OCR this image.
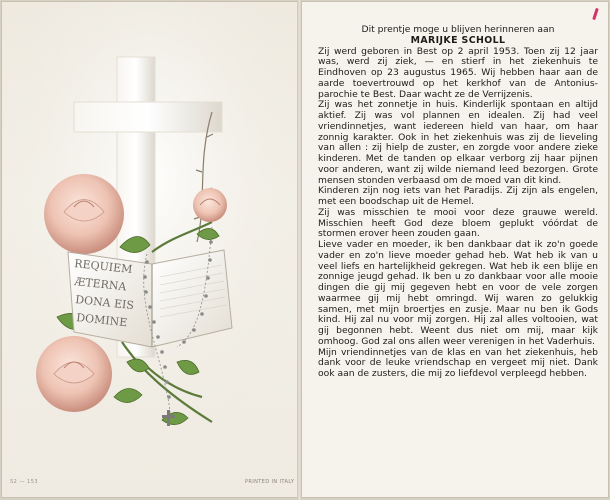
REQUIEM
ÆTERNA
DONA EIS
DOMINE
S2 — 153	PRINTED IN ITALY

Dit prentje moge u blijven herinneren aan

MARIJKE SCHOLL

Zij werd geboren in Best op 2 april 1953. Toen zij 12 jaar was, werd zij ziek, — en stierf in het ziekenhuis te Eindhoven op 23 augustus 1965. Wij hebben haar aan de aarde toevertrouwd op het kerkhof van de Antonius-parochie te Best. Daar wacht ze de Verrijzenis.

Zij was het zonnetje in huis. Kinderlijk spontaan en altijd aktief. Zij was vol plannen en idealen. Zij had veel vriendinnetjes, want iedereen hield van haar, om haar zonnig karakter. Ook in het ziekenhuis was zij de lieveling van allen : zij hielp de zuster, en zorgde voor andere zieke kinderen. Met de tanden op elkaar verborg zij haar pijnen voor anderen, want zij wilde niemand leed bezorgen. Grote mensen stonden verbaasd om de moed van dit kind.

Kinderen zijn nog iets van het Paradijs. Zij zijn als engelen, met een boodschap uit de Hemel.

Zij was misschien te mooi voor deze grauwe wereld. Misschien heeft God deze bloem geplukt vóórdat de stormen erover heen zouden gaan.

Lieve vader en moeder, ik ben dankbaar dat ik zo'n goede vader en zo'n lieve moeder gehad heb. Wat heb ik van u veel liefs en hartelijkheid gekregen. Wat heb ik een blije en zonnige jeugd gehad. Ik ben u zo dankbaar voor alle mooie dingen die gij mij gegeven hebt en voor de vele zorgen waarmee gij mij hebt omringd. Wij waren zo gelukkig samen, met mijn broertjes en zusje. Maar nu ben ik Gods kind. Hij zal nu voor mij zorgen. Hij zal alles voltooien, wat gij begonnen hebt. Weent dus niet om mij, maar kijk omhoog. God zal ons allen weer verenigen in het Vaderhuis.

Mijn vriendinnetjes van de klas en van het ziekenhuis, heb dank voor de leuke vriendschap en vergeet mij niet. Dank ook aan de zusters, die mij zo liefdevol verpleegd hebben.
